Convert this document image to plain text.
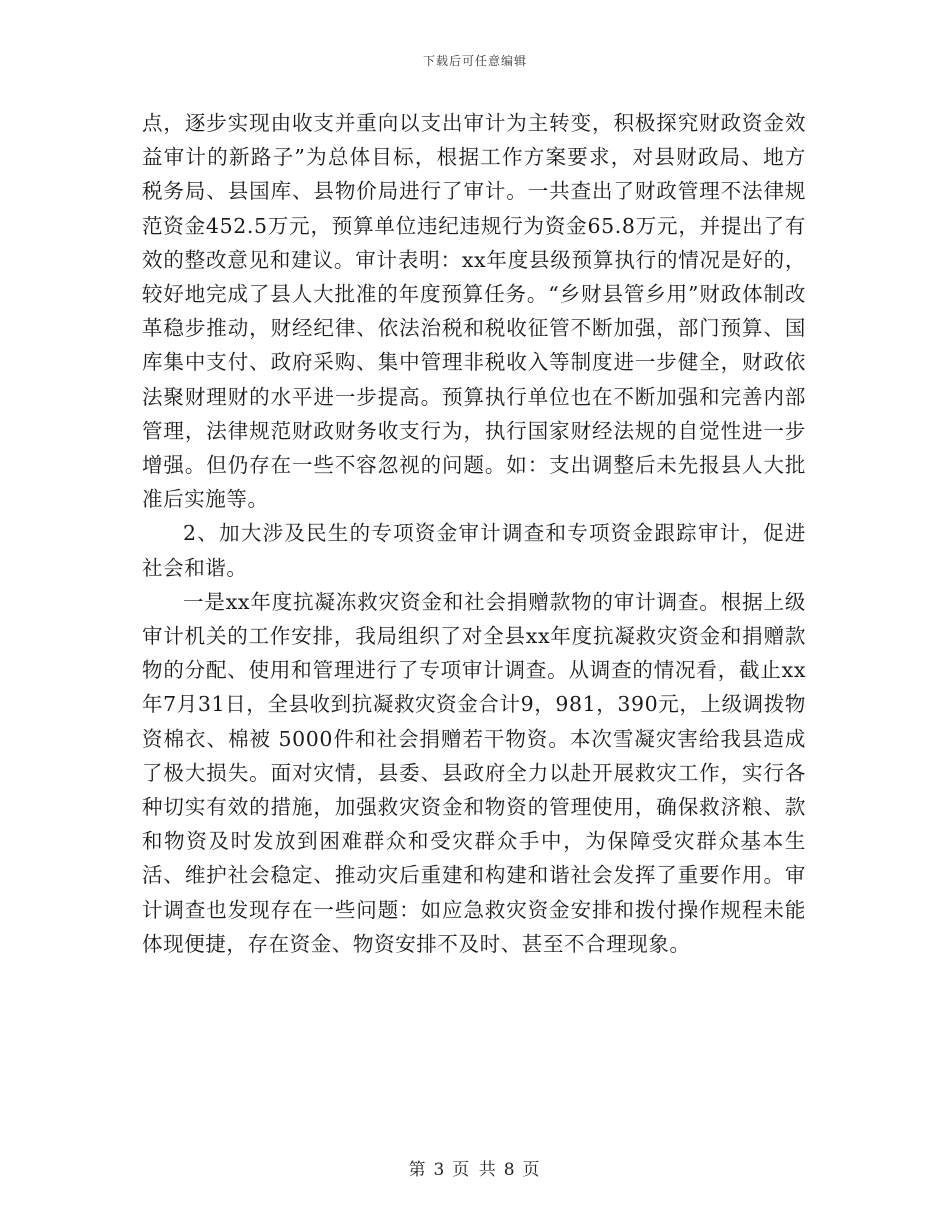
下载后可任意编辑

点，逐步实现由收支并重向以支出审计为主转变，积极探究财政资金效益审计的新路子”为总体目标，根据工作方案要求，对县财政局、地方税务局、县国库、县物价局进行了审计。一共查出了财政管理不法律规范资金452.5万元，预算单位违纪违规行为资金65.8万元，并提出了有效的整改意见和建议。审计表明：xx年度县级预算执行的情况是好的，较好地完成了县人大批准的年度预算任务。“乡财县管乡用”财政体制改革稳步推动，财经纪律、依法治税和税收征管不断加强，部门预算、国库集中支付、政府采购、集中管理非税收入等制度进一步健全，财政依法聚财理财的水平进一步提高。预算执行单位也在不断加强和完善内部管理，法律规范财政财务收支行为，执行国家财经法规的自觉性进一步增强。但仍存在一些不容忽视的问题。如：支出调整后未先报县人大批准后实施等。

2、加大涉及民生的专项资金审计调查和专项资金跟踪审计，促进社会和谐。

一是xx年度抗凝冻救灾资金和社会捐赠款物的审计调查。根据上级审计机关的工作安排，我局组织了对全县xx年度抗凝救灾资金和捐赠款物的分配、使用和管理进行了专项审计调查。从调查的情况看，截止xx年7月31日，全县收到抗凝救灾资金合计9，981，390元，上级调拨物资棉衣、棉被 5000件和社会捐赠若干物资。本次雪凝灾害给我县造成了极大损失。面对灾情，县委、县政府全力以赴开展救灾工作，实行各种切实有效的措施，加强救灾资金和物资的管理使用，确保救济粮、款和物资及时发放到困难群众和受灾群众手中，为保障受灾群众基本生活、维护社会稳定、推动灾后重建和构建和谐社会发挥了重要作用。审计调查也发现存在一些问题：如应急救灾资金安排和拨付操作规程未能体现便捷，存在资金、物资安排不及时、甚至不合理现象。

第 3 页 共 8 页
